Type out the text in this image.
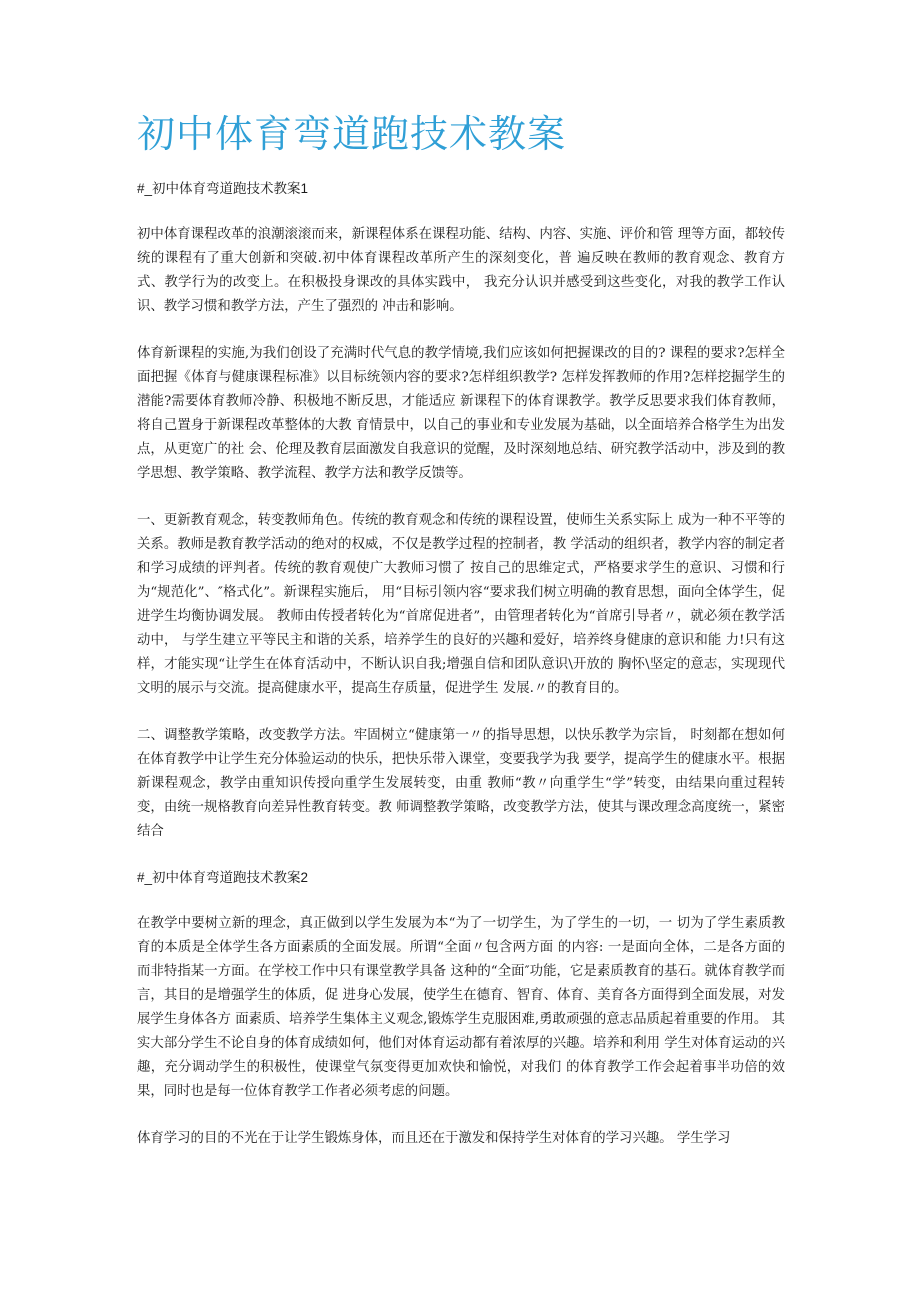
初中体育弯道跑技术教案
#_初中体育弯道跑技术教案1

初中体育课程改革的浪潮滚滚而来，新课程体系在课程功能、结构、内容、实施、评价和管 理等方面，都较传统的课程有了重大创新和突破.初中体育课程改革所产生的深刻变化，普 遍反映在教师的教育观念、教育方式、教学行为的改变上。在积极投身课改的具体实践中， 我充分认识并感受到这些变化，对我的教学工作认识、教学习惯和教学方法，产生了强烈的 冲击和影响。

体育新课程的实施,为我们创设了充满时代气息的教学情境,我们应该如何把握课改的目的? 课程的要求?怎样全面把握《体育与健康课程标准》以目标统领内容的要求?怎样组织教学? 怎样发挥教师的作用?怎样挖掘学生的潜能?需要体育教师冷静、积极地不断反思，才能适应 新课程下的体育课教学。教学反思要求我们体育教师，将自己置身于新课程改革整体的大教 育情景中，以自己的事业和专业发展为基础，以全面培养合格学生为出发点，从更宽广的社 会、伦理及教育层面激发自我意识的觉醒，及时深刻地总结、研究教学活动中，涉及到的教 学思想、教学策略、教学流程、教学方法和教学反馈等。

一、更新教育观念，转变教师角色。传统的教育观念和传统的课程设置，使师生关系实际上 成为一种不平等的关系。教师是教育教学活动的绝对的权威，不仅是教学过程的控制者，教 学活动的组织者，教学内容的制定者和学习成绩的评判者。传统的教育观使广大教师习惯了 按自己的思维定式，严格要求学生的意识、习惯和行为“规范化”、″格式化”。新课程实施后， 用“目标引领内容“要求我们树立明确的教育思想，面向全体学生，促进学生均衡协调发展。 教师由传授者转化为“首席促进者”，由管理者转化为“首席引导者〃，就必须在教学活动中， 与学生建立平等民主和谐的关系，培养学生的良好的兴趣和爱好，培养终身健康的意识和能 力!只有这样，才能实现“让学生在体育活动中，不断认识自我;增强自信和团队意识\开放的 胸怀\坚定的意志，实现现代文明的展示与交流。提高健康水平，提高生存质量，促进学生 发展.〃的教育目的。

二、调整教学策略，改变教学方法。牢固树立“健康第一〃的指导思想，以快乐教学为宗旨， 时刻都在想如何在体育教学中让学生充分体验运动的快乐，把快乐带入课堂，变要我学为我 要学，提高学生的健康水平。根据新课程观念，教学由重知识传授向重学生发展转变，由重 教师“教〃向重学生“学”转变，由结果向重过程转变，由统一规格教育向差异性教育转变。教 师调整教学策略，改变教学方法，使其与课改理念高度统一，紧密结合

#_初中体育弯道跑技术教案2

在教学中要树立新的理念，真正做到以学生发展为本“为了一切学生，为了学生的一切，一 切为了学生素质教育的本质是全体学生各方面素质的全面发展。所谓“全面〃包含两方面 的内容: 一是面向全体，二是各方面的而非特指某一方面。在学校工作中只有课堂教学具备 这种的“全面″功能，它是素质教育的基石。就体育教学而言，其目的是增强学生的体质，促 进身心发展，使学生在德育、智育、体育、美育各方面得到全面发展，对发展学生身体各方 面素质、培养学生集体主义观念,锻炼学生克服困难,勇敢顽强的意志品质起着重要的作用。 其实大部分学生不论自身的体育成绩如何，他们对体育运动都有着浓厚的兴趣。培养和利用 学生对体育运动的兴趣，充分调动学生的积极性，使课堂气氛变得更加欢快和愉悦，对我们 的体育教学工作会起着事半功倍的效果，同时也是每一位体育教学工作者必须考虑的问题。

体育学习的目的不光在于让学生锻炼身体，而且还在于激发和保持学生对体育的学习兴趣。 学生学习
